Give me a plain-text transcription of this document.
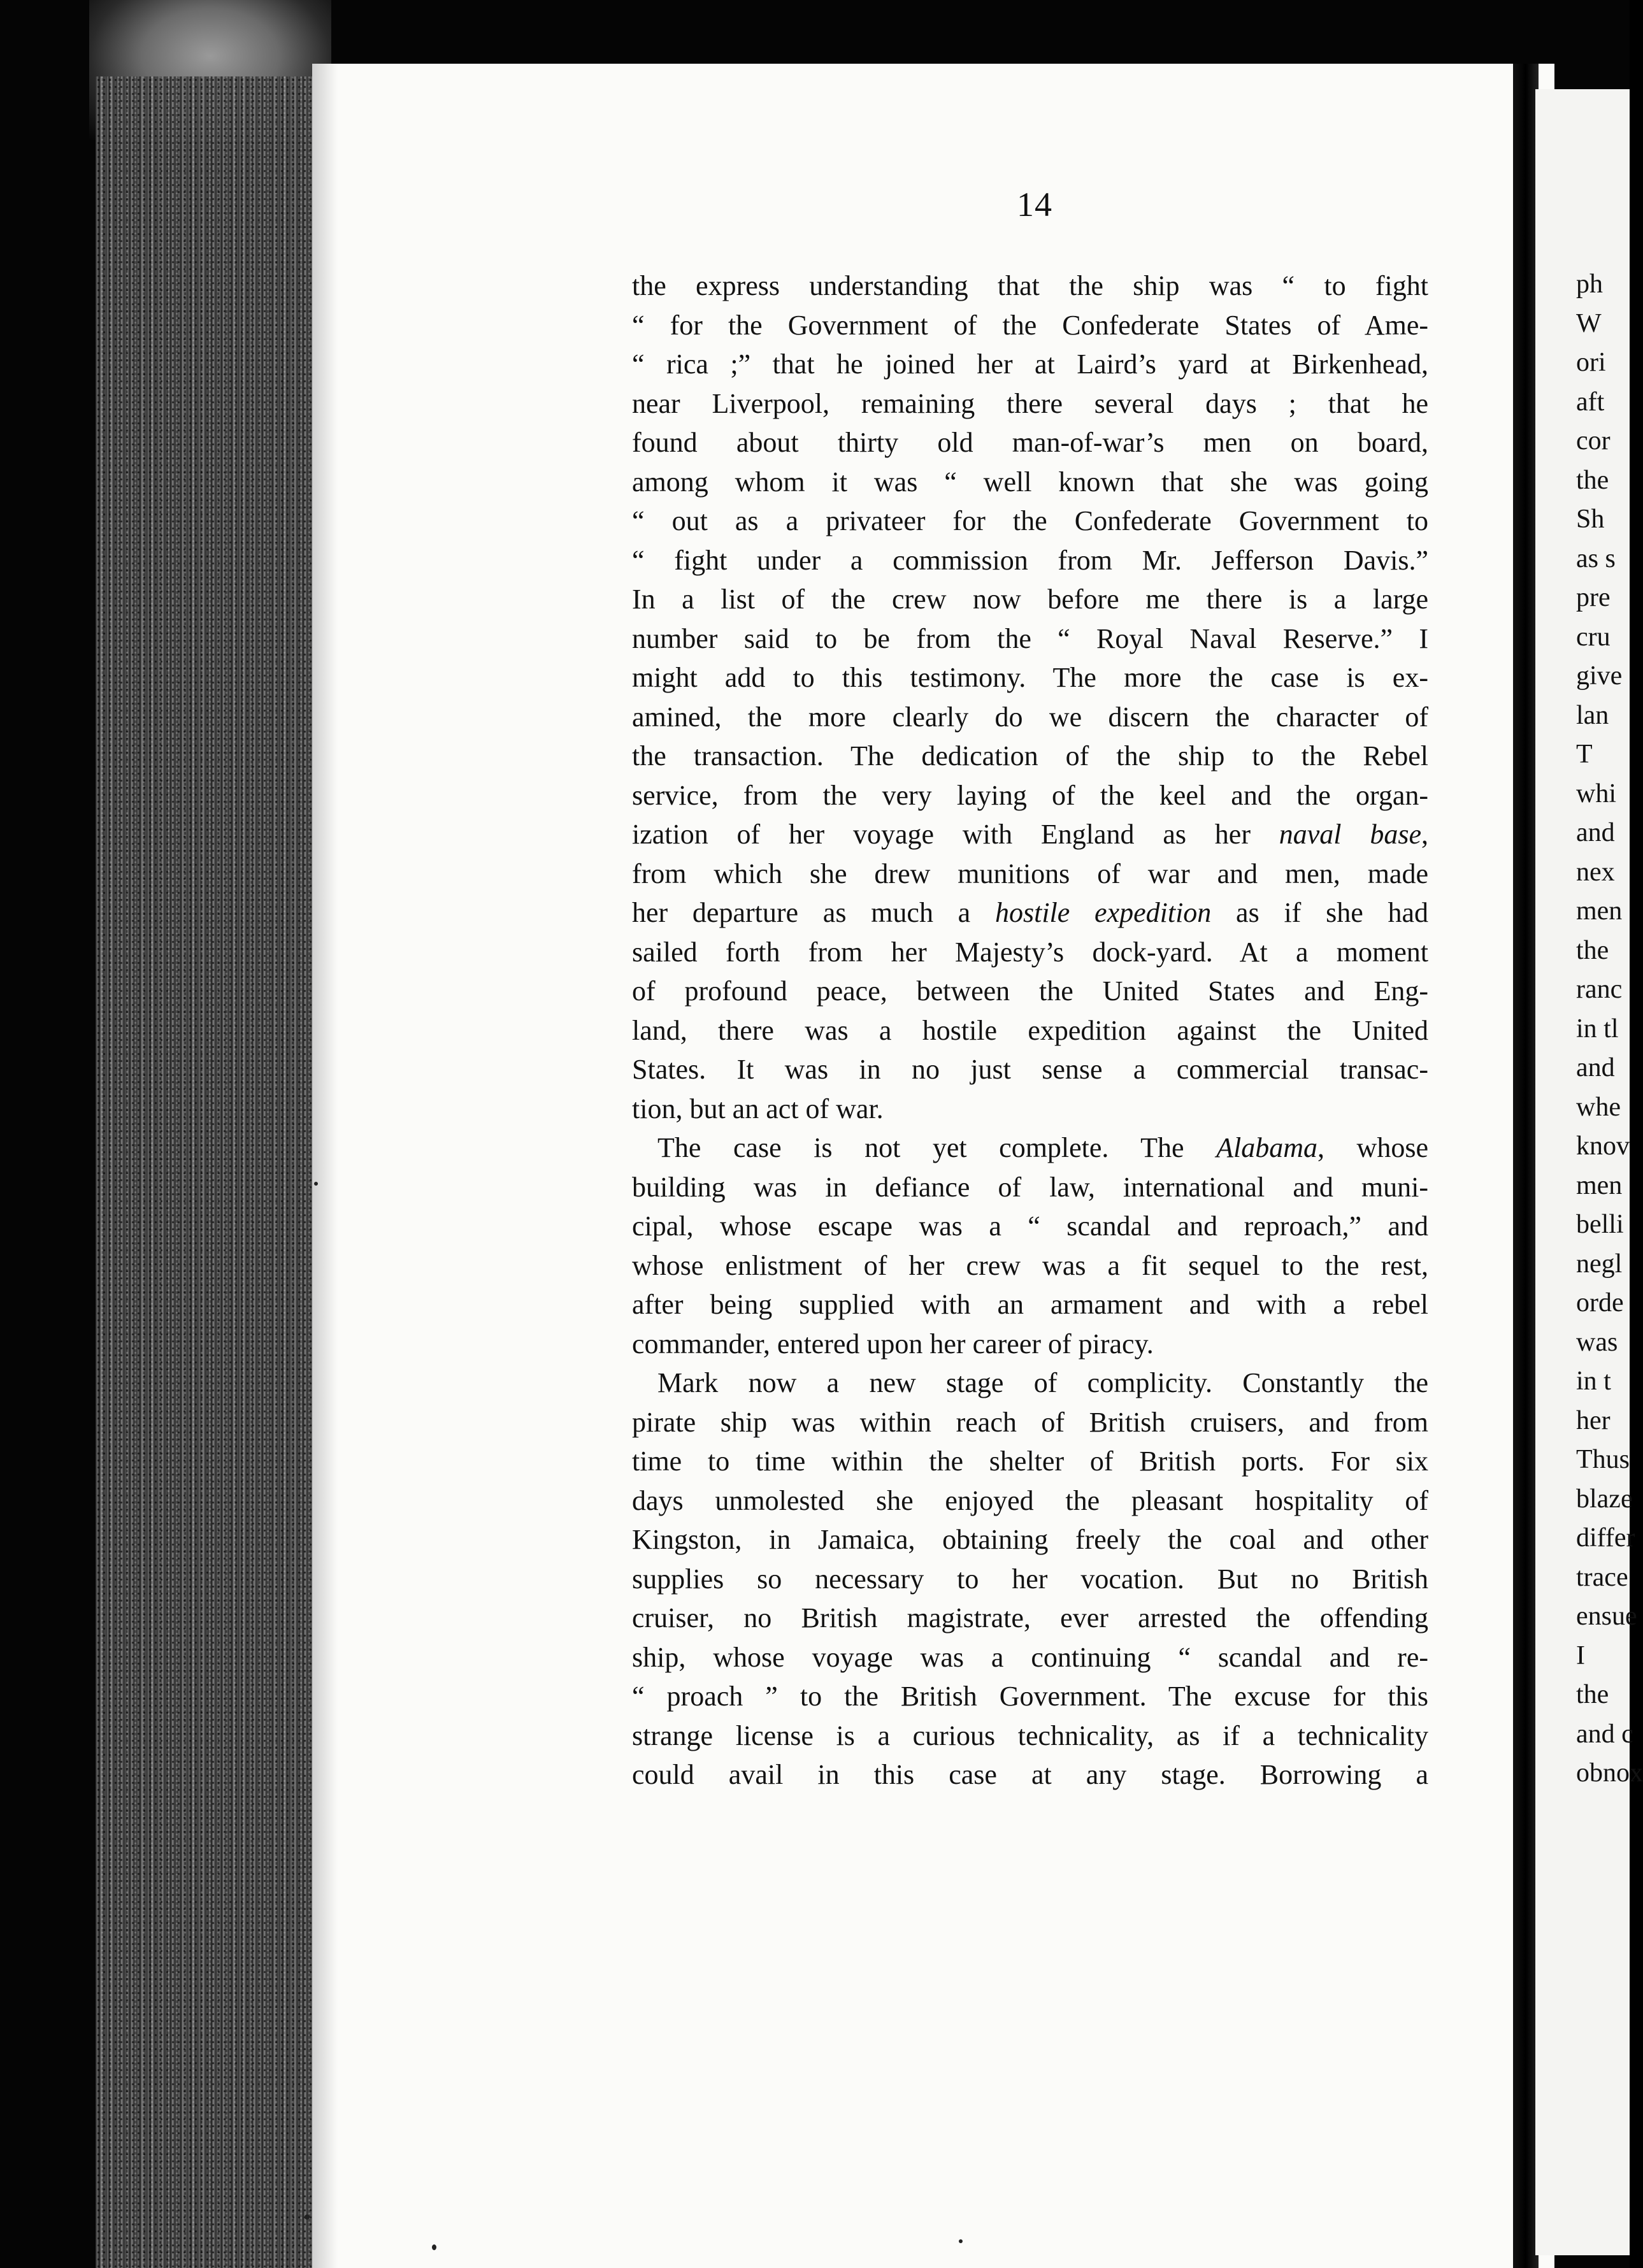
ph
W
ori
aft
cor
the
Sh
as s
pre
cru
give
lan
T
whi
and
nex
men
the
ranc
in tl
and
whe
knov
men
belli
negl
orde
was
in t
her
Thus
blaze
differ
trace
ensue
I
the
and c
obnox
14
the express understanding that the ship was “ to fight
“ for the Government of the Confederate States of Ame-
“ rica ;” that he joined her at Laird’s yard at Birkenhead,
near Liverpool, remaining there several days ; that he
found about thirty old man-of-war’s men on board,
among whom it was “ well known that she was going
“ out as a privateer for the Confederate Government to
“ fight under a commission from Mr. Jefferson Davis.”
In a list of the crew now before me there is a large
number said to be from the “ Royal Naval Reserve.” I
might add to this testimony. The more the case is ex-
amined, the more clearly do we discern the character of
the transaction. The dedication of the ship to the Rebel
service, from the very laying of the keel and the organ-
ization of her voyage with England as her naval base,
from which she drew munitions of war and men, made
her departure as much a hostile expedition as if she had
sailed forth from her Majesty’s dock-yard. At a moment
of profound peace, between the United States and Eng-
land, there was a hostile expedition against the United
States. It was in no just sense a commercial transac-
tion, but an act of war.
The case is not yet complete. The Alabama, whose
building was in defiance of law, international and muni-
cipal, whose escape was a “ scandal and reproach,” and
whose enlistment of her crew was a fit sequel to the rest,
after being supplied with an armament and with a rebel
commander, entered upon her career of piracy.
Mark now a new stage of complicity. Constantly the
pirate ship was within reach of British cruisers, and from
time to time within the shelter of British ports. For six
days unmolested she enjoyed the pleasant hospitality of
Kingston, in Jamaica, obtaining freely the coal and other
supplies so necessary to her vocation. But no British
cruiser, no British magistrate, ever arrested the offending
ship, whose voyage was a continuing “ scandal and re-
“ proach ” to the British Government. The excuse for this
strange license is a curious technicality, as if a technicality
could avail in this case at any stage. Borrowing a
